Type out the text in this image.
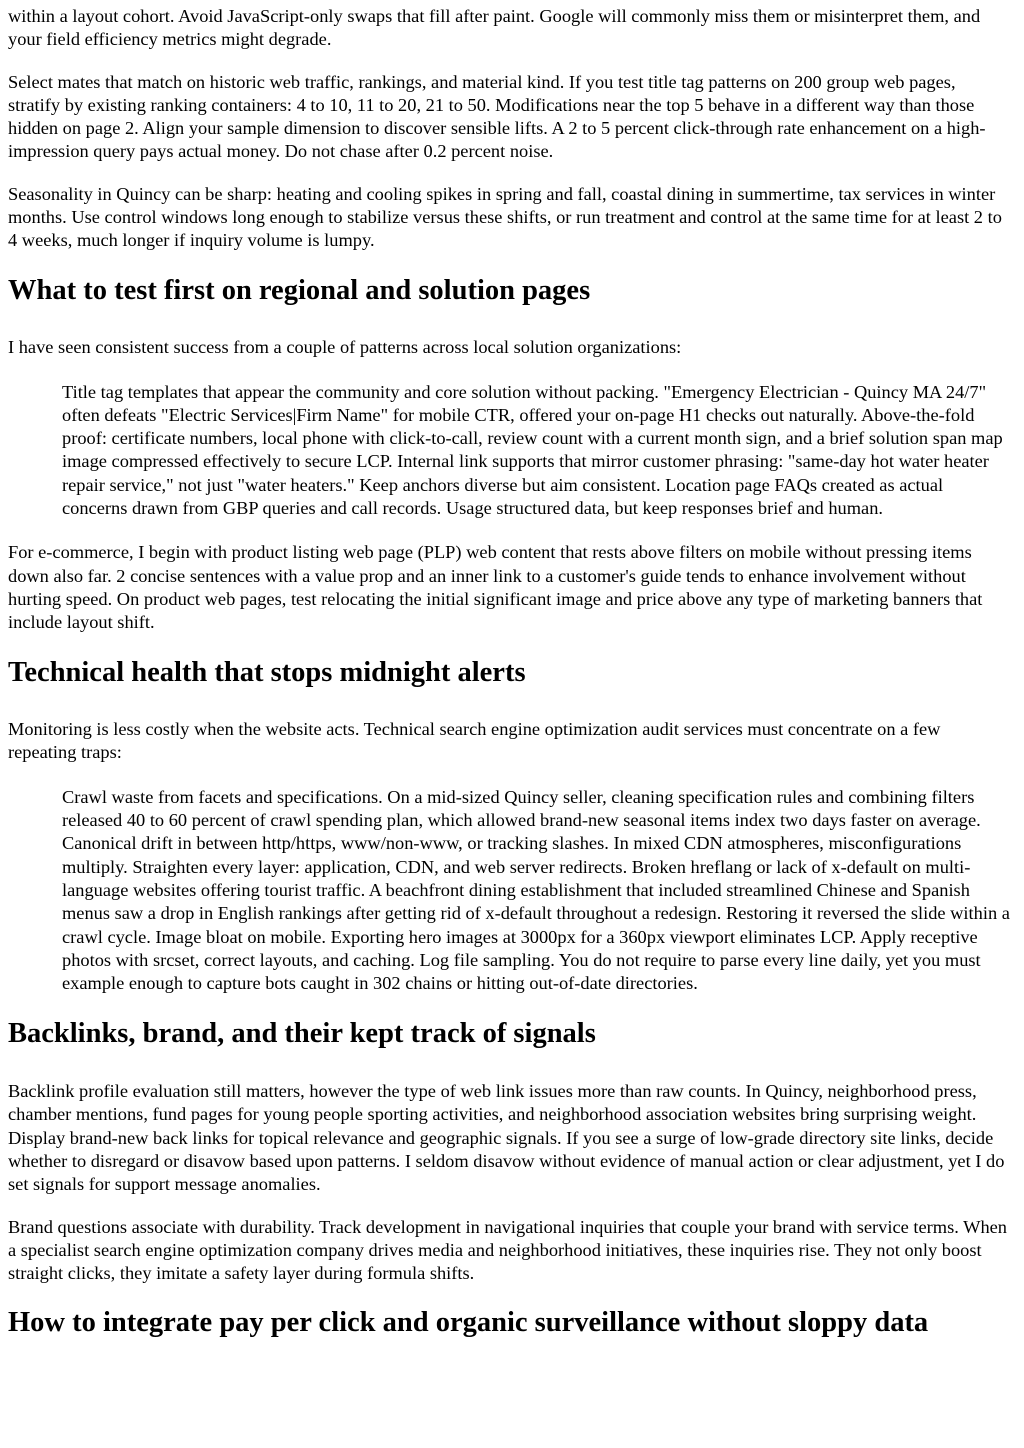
within a layout cohort. Avoid JavaScript-only swaps that fill after paint. Google will commonly miss them or misinterpret them, and your field efficiency metrics might degrade.

Select mates that match on historic web traffic, rankings, and material kind. If you test title tag patterns on 200 group web pages, stratify by existing ranking containers: 4 to 10, 11 to 20, 21 to 50. Modifications near the top 5 behave in a different way than those hidden on page 2. Align your sample dimension to discover sensible lifts. A 2 to 5 percent click-through rate enhancement on a high-impression query pays actual money. Do not chase after 0.2 percent noise.

Seasonality in Quincy can be sharp: heating and cooling spikes in spring and fall, coastal dining in summertime, tax services in winter months. Use control windows long enough to stabilize versus these shifts, or run treatment and control at the same time for at least 2 to 4 weeks, much longer if inquiry volume is lumpy.

What to test first on regional and solution pages

I have seen consistent success from a couple of patterns across local solution organizations:

Title tag templates that appear the community and core solution without packing. "Emergency Electrician - Quincy MA 24/7" often defeats "Electric Services|Firm Name" for mobile CTR, offered your on-page H1 checks out naturally. Above-the-fold proof: certificate numbers, local phone with click-to-call, review count with a current month sign, and a brief solution span map image compressed effectively to secure LCP. Internal link supports that mirror customer phrasing: "same-day hot water heater repair service," not just "water heaters." Keep anchors diverse but aim consistent. Location page FAQs created as actual concerns drawn from GBP queries and call records. Usage structured data, but keep responses brief and human.

For e-commerce, I begin with product listing web page (PLP) web content that rests above filters on mobile without pressing items down also far. 2 concise sentences with a value prop and an inner link to a customer's guide tends to enhance involvement without hurting speed. On product web pages, test relocating the initial significant image and price above any type of marketing banners that include layout shift.

Technical health that stops midnight alerts

Monitoring is less costly when the website acts. Technical search engine optimization audit services must concentrate on a few repeating traps:

Crawl waste from facets and specifications. On a mid-sized Quincy seller, cleaning specification rules and combining filters released 40 to 60 percent of crawl spending plan, which allowed brand-new seasonal items index two days faster on average. Canonical drift in between http/https, www/non-www, or tracking slashes. In mixed CDN atmospheres, misconfigurations multiply. Straighten every layer: application, CDN, and web server redirects. Broken hreflang or lack of x-default on multi-language websites offering tourist traffic. A beachfront dining establishment that included streamlined Chinese and Spanish menus saw a drop in English rankings after getting rid of x-default throughout a redesign. Restoring it reversed the slide within a crawl cycle. Image bloat on mobile. Exporting hero images at 3000px for a 360px viewport eliminates LCP. Apply receptive photos with srcset, correct layouts, and caching. Log file sampling. You do not require to parse every line daily, yet you must example enough to capture bots caught in 302 chains or hitting out-of-date directories.
Backlinks, brand, and their kept track of signals

Backlink profile evaluation still matters, however the type of web link issues more than raw counts. In Quincy, neighborhood press, chamber mentions, fund pages for young people sporting activities, and neighborhood association websites bring surprising weight. Display brand-new back links for topical relevance and geographic signals. If you see a surge of low-grade directory site links, decide whether to disregard or disavow based upon patterns. I seldom disavow without evidence of manual action or clear adjustment, yet I do set signals for support message anomalies.

Brand questions associate with durability. Track development in navigational inquiries that couple your brand with service terms. When a specialist search engine optimization company drives media and neighborhood initiatives, these inquiries rise. They not only boost straight clicks, they imitate a safety layer during formula shifts.

How to integrate pay per click and organic surveillance without sloppy data
